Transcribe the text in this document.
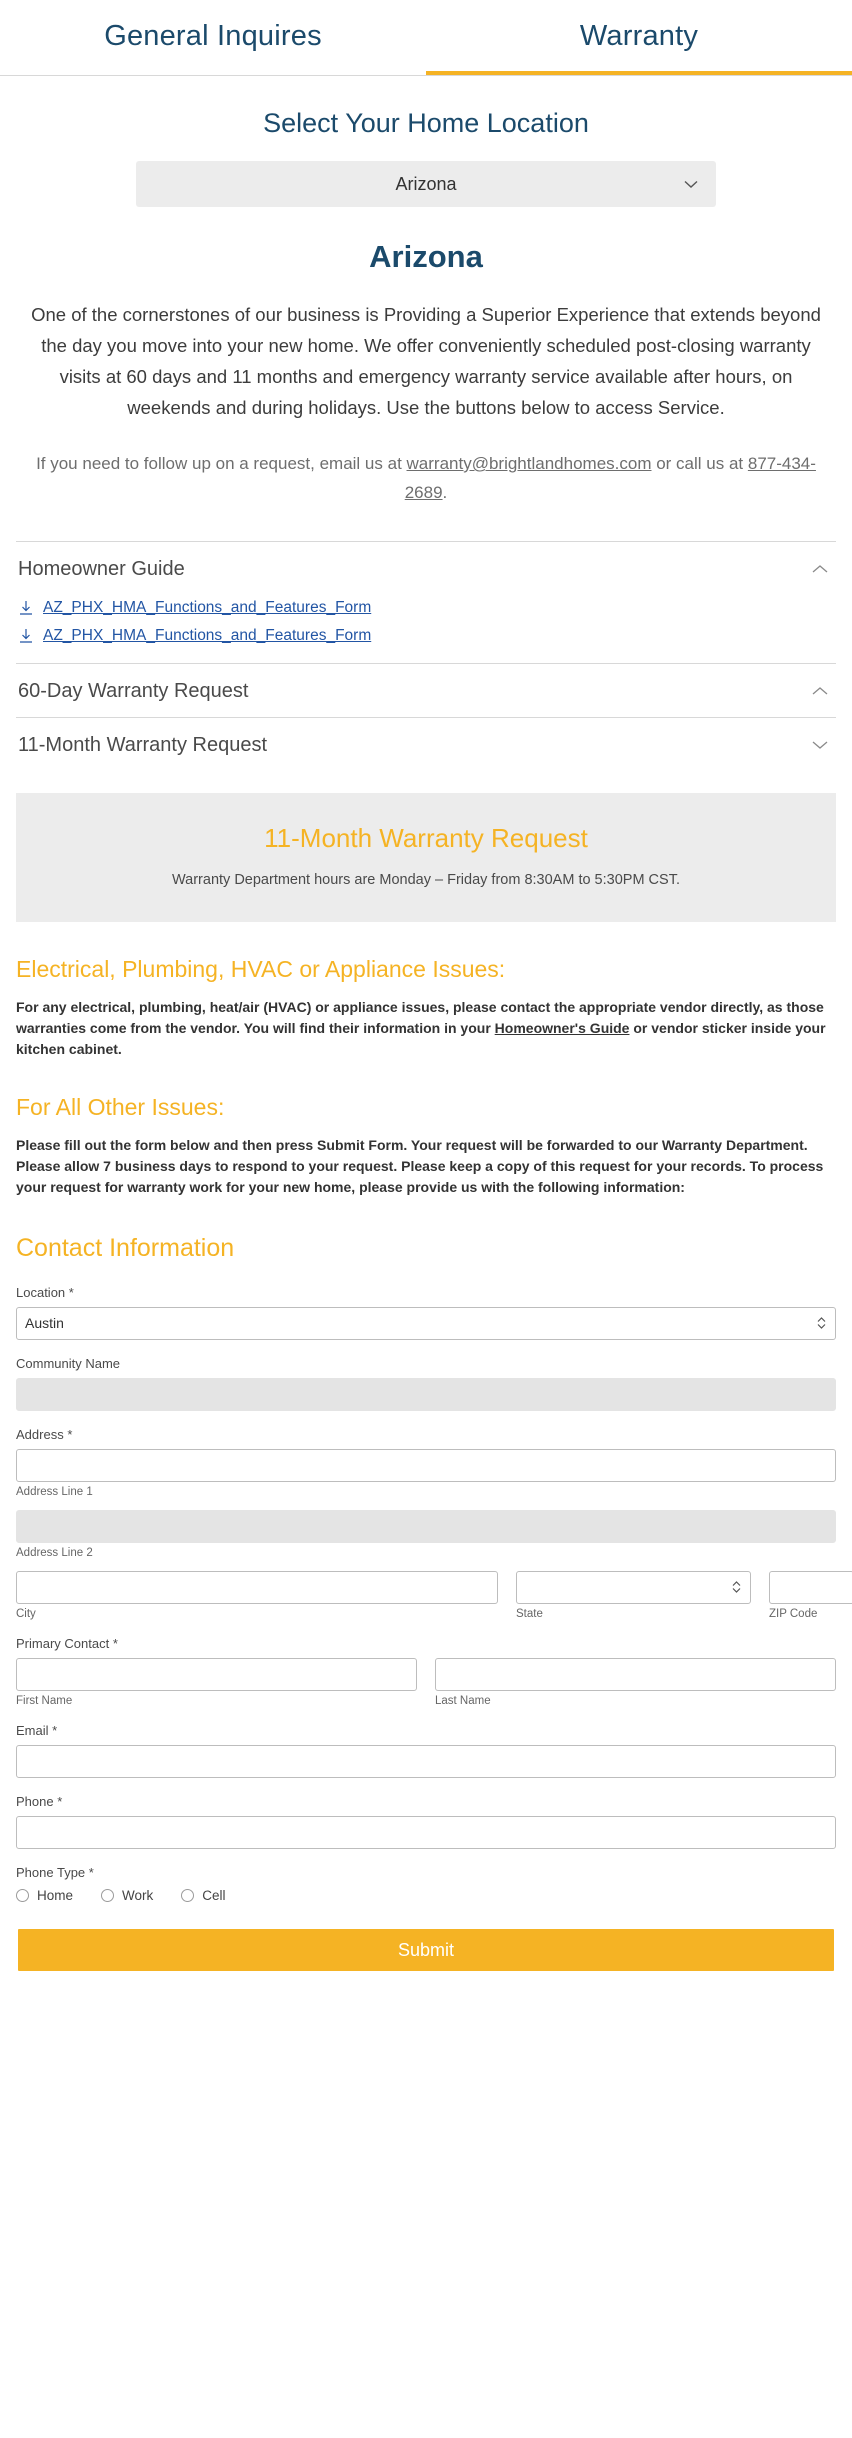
General Inquires	Warranty
Select Your Home Location
Arizona
Arizona

One of the cornerstones of our business is Providing a Superior Experience that extends beyond the day you move into your new home. We offer conveniently scheduled post-closing warranty visits at 60 days and 11 months and emergency warranty service available after hours, on weekends and during holidays. Use the buttons below to access Service.

If you need to follow up on a request, email us at warranty@brightlandhomes.com or call us at 877-434-2689.

Homeowner Guide
AZ_PHX_HMA_Functions_and_Features_Form
AZ_PHX_HMA_Functions_and_Features_Form
60-Day Warranty Request
11-Month Warranty Request
11-Month Warranty Request
Warranty Department hours are Monday – Friday from 8:30AM to 5:30PM CST.
Electrical, Plumbing, HVAC or Appliance Issues:

For any electrical, plumbing, heat/air (HVAC) or appliance issues, please contact the appropriate vendor directly, as those warranties come from the vendor. You will find their information in your Homeowner's Guide or vendor sticker inside your kitchen cabinet.

For All Other Issues:

Please fill out the form below and then press Submit Form. Your request will be forwarded to our Warranty Department. Please allow 7 business days to respond to your request. Please keep a copy of this request for your records. To process your request for warranty work for your new home, please provide us with the following information:

Contact Information
Location *
Austin
Community Name
Address *
Address Line 1
Address Line 2
City	State	ZIP Code
Primary Contact *
First Name	Last Name
Email *
Phone *
Phone Type *
Home	Work	Cell
Submit
